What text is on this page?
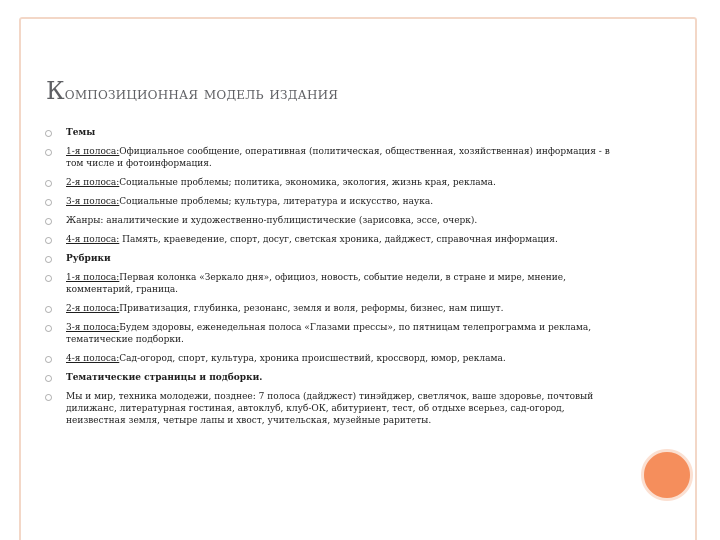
Композиционная модель издания
Темы
1-я полоса:Официальное сообщение, оперативная (политическая, общественная, хозяйственная) информация - в том числе и фотоинформация.
2-я полоса:Социальные проблемы; политика, экономика, экология, жизнь края, реклама.
3-я полоса:Социальные проблемы; культура, литература и искусство, наука.
Жанры: аналитические и художественно-публицистические (зарисовка, эссе, очерк).
4-я полоса: Память, краеведение, спорт, досуг, светская хроника, дайджест, справочная информация.
Рубрики
1-я полоса:Первая колонка «Зеркало дня», официоз, новость, событие недели, в стране и мире, мнение, комментарий, граница.
2-я полоса:Приватизация, глубинка, резонанс, земля и воля, реформы, бизнес, нам пишут.
3-я полоса:Будем здоровы, еженедельная полоса «Глазами прессы», по пятницам телепрограмма и реклама, тематические подборки.
4-я полоса:Сад-огород, спорт, культура, хроника происшествий, кроссворд, юмор, реклама.
Тематические страницы и подборки.
Мы и мир, техника молодежи, позднее: 7 полоса (дайджест) тинэйджер, светлячок, ваше здоровье, почтовый дилижанс, литературная гостиная, автоклуб, клуб-ОК, абитуриент, тест, об отдыхе всерьез, сад-огород, неизвестная земля, четыре лапы и хвост, учительская, музейные раритеты.
